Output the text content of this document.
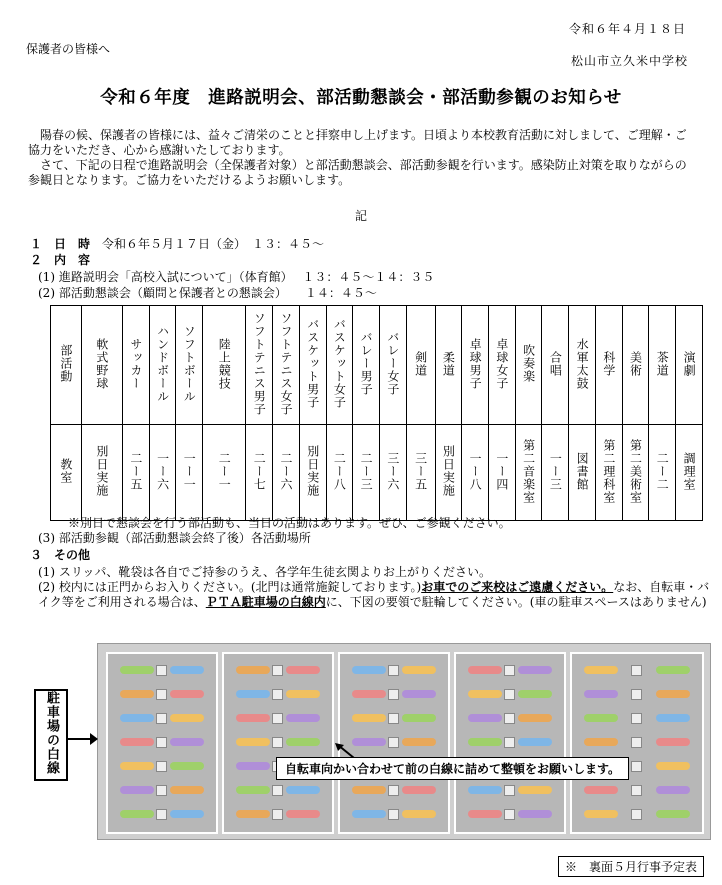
令和６年４月１８日
保護者の皆様へ
松山市立久米中学校
令和６年度　進路説明会、部活動懇談会・部活動参観のお知らせ

陽春の候、保護者の皆様には、益々ご清栄のことと拝察申し上げます。日頃より本校教育活動に対しまして、ご理解・ご協力をいただき、心から感謝いたしております。

さて、下記の日程で進路説明会（全保護者対象）と部活動懇談会、部活動参観を行います。感染防止対策を取りながらの参観日となります。ご協力をいただけるようお願いします。

記
１　日　時　 令和６年５月１７日（金）　１３：４５～
２　内　容
(1) 進路説明会「高校入試について」（体育館）　 １３：４５～１４：３５
(2) 部活動懇談会（顧問と保護者との懇談会）　　１４：４５～
部活動	軟式野球	サッカー	ハンドボール	ソフトボール	陸上競技	ソフトテニス男子	ソフトテニス女子	バスケット男子	バスケット女子	バレー男子	バレー女子	剣道	柔道	卓球男子	卓球女子	吹奏楽	合唱	水軍太鼓	科学	美術	茶道	演劇
教室	別日実施	二ー五	一ー六	一ー一	二ー一	二ー七	二ー六	別日実施	二ー八	二ー三	三ー六	三ー五	別日実施	一ー八	一ー四	第二音楽室	一ー三	図書館	第二理科室	第二美術室	二ー二	調理室
※別日で懇談会を行う部活動も、当日の活動はあります。ぜひ、ご参観ください。
(3) 部活動参観（部活動懇談会終了後）各活動場所
３　その他
(1) スリッパ、靴袋は各自でご持参のうえ、各学年生徒玄関よりお上がりください。

(2) 校内には正門からお入りください。(北門は通常施錠しております。)お車でのご来校はご遠慮ください。なお、自転車・バイク等をご利用される場合は、ＰＴＡ駐車場の白線内に、下図の要領で駐輪してください。(車の駐車スペースはありません)

駐車場の白線	自転車向かい合わせて前の白線に詰めて整頓をお願いします。
※　裏面５月行事予定表
